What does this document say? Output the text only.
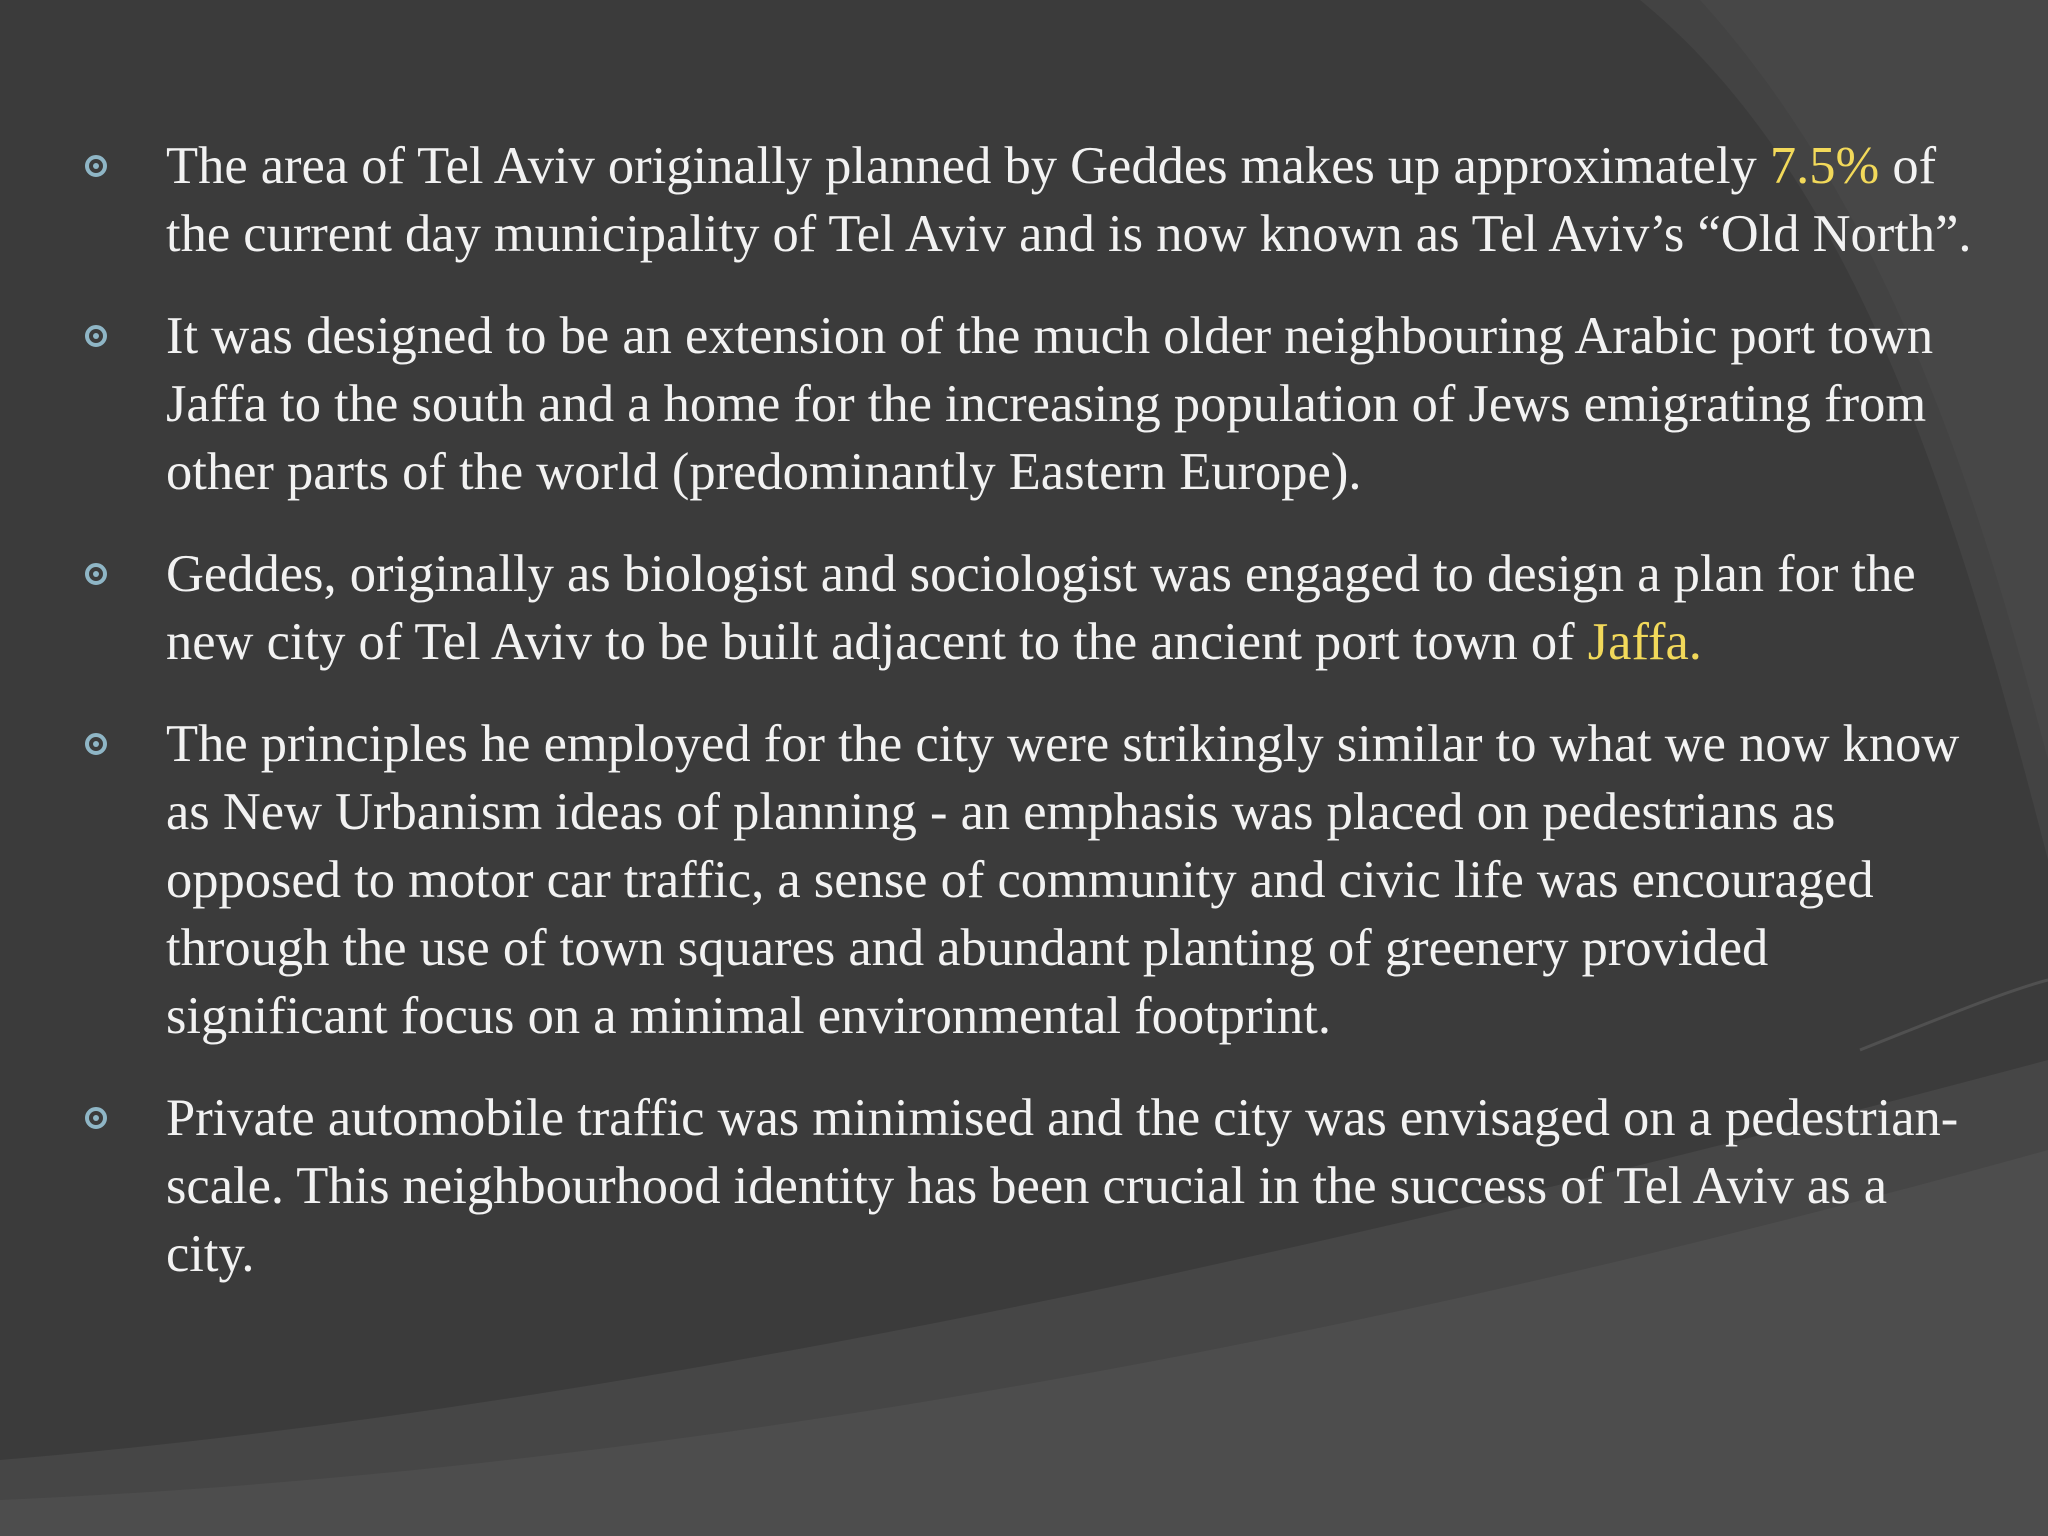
The area of Tel Aviv originally planned by Geddes makes up approximately 7.5% of the current day municipality of Tel Aviv and is now known as Tel Aviv’s “Old North”.
It was designed to be an extension of the much older neighbouring Arabic port town Jaffa to the south and a home for the increasing population of Jews emigrating from other parts of the world (predominantly Eastern Europe).
Geddes, originally as biologist and sociologist was engaged to design a plan for the new city of Tel Aviv to be built adjacent to the ancient port town of Jaffa.
The principles he employed for the city were strikingly similar to what we now know as New Urbanism ideas of planning - an emphasis was placed on pedestrians as opposed to motor car traffic, a sense of community and civic life was encouraged through the use of town squares and abundant planting of greenery provided significant focus on a minimal environmental footprint.
Private automobile traffic was minimised and the city was envisaged on a pedestrian-scale. This neighbourhood identity has been crucial in the success of Tel Aviv as a city.
